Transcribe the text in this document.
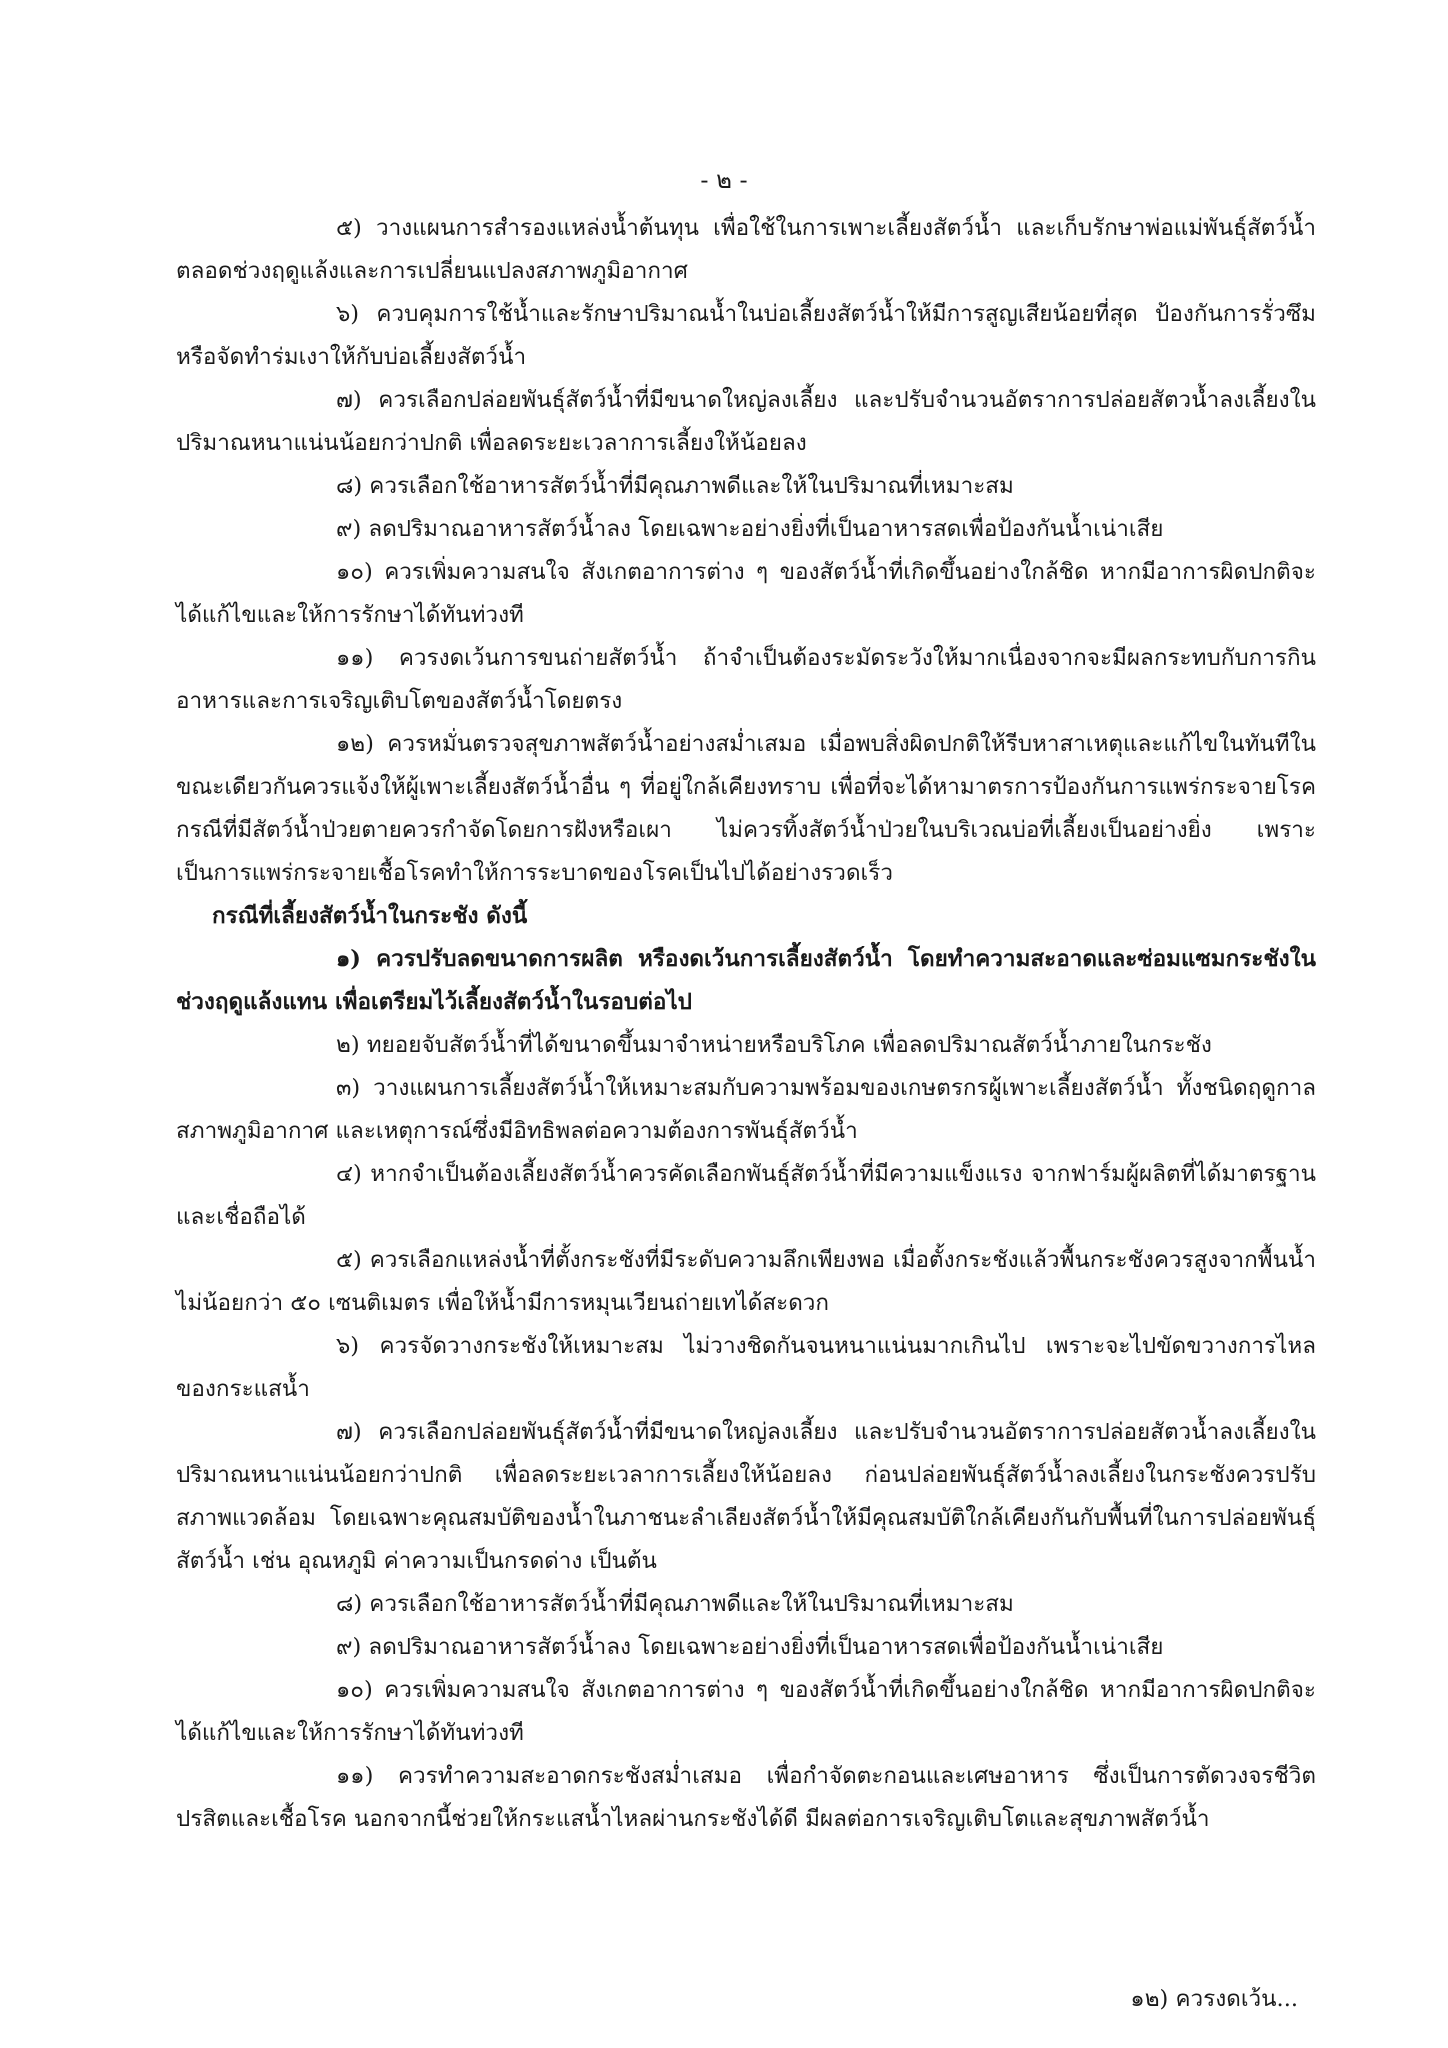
- ๒ -

๕) วางแผนการสำรองแหล่งน้ำต้นทุน เพื่อใช้ในการเพาะเลี้ยงสัตว์น้ำ และเก็บรักษาพ่อแม่พันธุ์สัตว์น้ำตลอดช่วงฤดูแล้งและการเปลี่ยนแปลงสภาพภูมิอากาศ

๖) ควบคุมการใช้น้ำและรักษาปริมาณน้ำในบ่อเลี้ยงสัตว์น้ำให้มีการสูญเสียน้อยที่สุด ป้องกันการรั่วซึม หรือจัดทำร่มเงาให้กับบ่อเลี้ยงสัตว์น้ำ

๗) ควรเลือกปล่อยพันธุ์สัตว์น้ำที่มีขนาดใหญ่ลงเลี้ยง และปรับจำนวนอัตราการปล่อยสัตวน้ำลงเลี้ยงในปริมาณหนาแน่นน้อยกว่าปกติ เพื่อลดระยะเวลาการเลี้ยงให้น้อยลง

๘) ควรเลือกใช้อาหารสัตว์น้ำที่มีคุณภาพดีและให้ในปริมาณที่เหมาะสม

๙) ลดปริมาณอาหารสัตว์น้ำลง โดยเฉพาะอย่างยิ่งที่เป็นอาหารสดเพื่อป้องกันน้ำเน่าเสีย

๑๐) ควรเพิ่มความสนใจ สังเกตอาการต่าง ๆ ของสัตว์น้ำที่เกิดขึ้นอย่างใกล้ชิด หากมีอาการผิดปกติจะได้แก้ไขและให้การรักษาได้ทันท่วงที

๑๑) ควรงดเว้นการขนถ่ายสัตว์น้ำ ถ้าจำเป็นต้องระมัดระวังให้มากเนื่องจากจะมีผลกระทบกับการกินอาหารและการเจริญเติบโตของสัตว์น้ำโดยตรง

๑๒) ควรหมั่นตรวจสุขภาพสัตว์น้ำอย่างสม่ำเสมอ เมื่อพบสิ่งผิดปกติให้รีบหาสาเหตุและแก้ไขในทันทีในขณะเดียวกันควรแจ้งให้ผู้เพาะเลี้ยงสัตว์น้ำอื่น ๆ ที่อยู่ใกล้เคียงทราบ เพื่อที่จะได้หามาตรการป้องกันการแพร่กระจายโรค กรณีที่มีสัตว์น้ำป่วยตายควรกำจัดโดยการฝังหรือเผา ไม่ควรทิ้งสัตว์น้ำป่วยในบริเวณบ่อที่เลี้ยงเป็นอย่างยิ่ง เพราะเป็นการแพร่กระจายเชื้อโรคทำให้การระบาดของโรคเป็นไปได้อย่างรวดเร็ว

กรณีที่เลี้ยงสัตว์น้ำในกระชัง ดังนี้

๑) ควรปรับลดขนาดการผลิต หรืองดเว้นการเลี้ยงสัตว์น้ำ โดยทำความสะอาดและซ่อมแซมกระชังในช่วงฤดูแล้งแทน เพื่อเตรียมไว้เลี้ยงสัตว์น้ำในรอบต่อไป

๒) ทยอยจับสัตว์น้ำที่ได้ขนาดขึ้นมาจำหน่ายหรือบริโภค เพื่อลดปริมาณสัตว์น้ำภายในกระชัง

๓) วางแผนการเลี้ยงสัตว์น้ำให้เหมาะสมกับความพร้อมของเกษตรกรผู้เพาะเลี้ยงสัตว์น้ำ ทั้งชนิดฤดูกาล สภาพภูมิอากาศ และเหตุการณ์ซึ่งมีอิทธิพลต่อความต้องการพันธุ์สัตว์น้ำ

๔) หากจำเป็นต้องเลี้ยงสัตว์น้ำควรคัดเลือกพันธุ์สัตว์น้ำที่มีความแข็งแรง จากฟาร์มผู้ผลิตที่ได้มาตรฐานและเชื่อถือได้

๕) ควรเลือกแหล่งน้ำที่ตั้งกระชังที่มีระดับความลึกเพียงพอ เมื่อตั้งกระชังแล้วพื้นกระชังควรสูงจากพื้นน้ำไม่น้อยกว่า ๕๐ เซนติเมตร เพื่อให้น้ำมีการหมุนเวียนถ่ายเทได้สะดวก

๖) ควรจัดวางกระชังให้เหมาะสม ไม่วางชิดกันจนหนาแน่นมากเกินไป เพราะจะไปขัดขวางการไหลของกระแสน้ำ

๗) ควรเลือกปล่อยพันธุ์สัตว์น้ำที่มีขนาดใหญ่ลงเลี้ยง และปรับจำนวนอัตราการปล่อยสัตวน้ำลงเลี้ยงในปริมาณหนาแน่นน้อยกว่าปกติ เพื่อลดระยะเวลาการเลี้ยงให้น้อยลง ก่อนปล่อยพันธุ์สัตว์น้ำลงเลี้ยงในกระชังควรปรับสภาพแวดล้อม โดยเฉพาะคุณสมบัติของน้ำในภาชนะลำเลียงสัตว์น้ำให้มีคุณสมบัติใกล้เคียงกันกับพื้นที่ในการปล่อยพันธุ์สัตว์น้ำ เช่น อุณหภูมิ ค่าความเป็นกรดด่าง เป็นต้น

๘) ควรเลือกใช้อาหารสัตว์น้ำที่มีคุณภาพดีและให้ในปริมาณที่เหมาะสม

๙) ลดปริมาณอาหารสัตว์น้ำลง โดยเฉพาะอย่างยิ่งที่เป็นอาหารสดเพื่อป้องกันน้ำเน่าเสีย

๑๐) ควรเพิ่มความสนใจ สังเกตอาการต่าง ๆ ของสัตว์น้ำที่เกิดขึ้นอย่างใกล้ชิด หากมีอาการผิดปกติจะได้แก้ไขและให้การรักษาได้ทันท่วงที

๑๑) ควรทำความสะอาดกระชังสม่ำเสมอ เพื่อกำจัดตะกอนและเศษอาหาร ซึ่งเป็นการตัดวงจรชีวิตปรสิตและเชื้อโรค นอกจากนี้ช่วยให้กระแสน้ำไหลผ่านกระชังได้ดี มีผลต่อการเจริญเติบโตและสุขภาพสัตว์น้ำ

๑๒) ควรงดเว้น...
